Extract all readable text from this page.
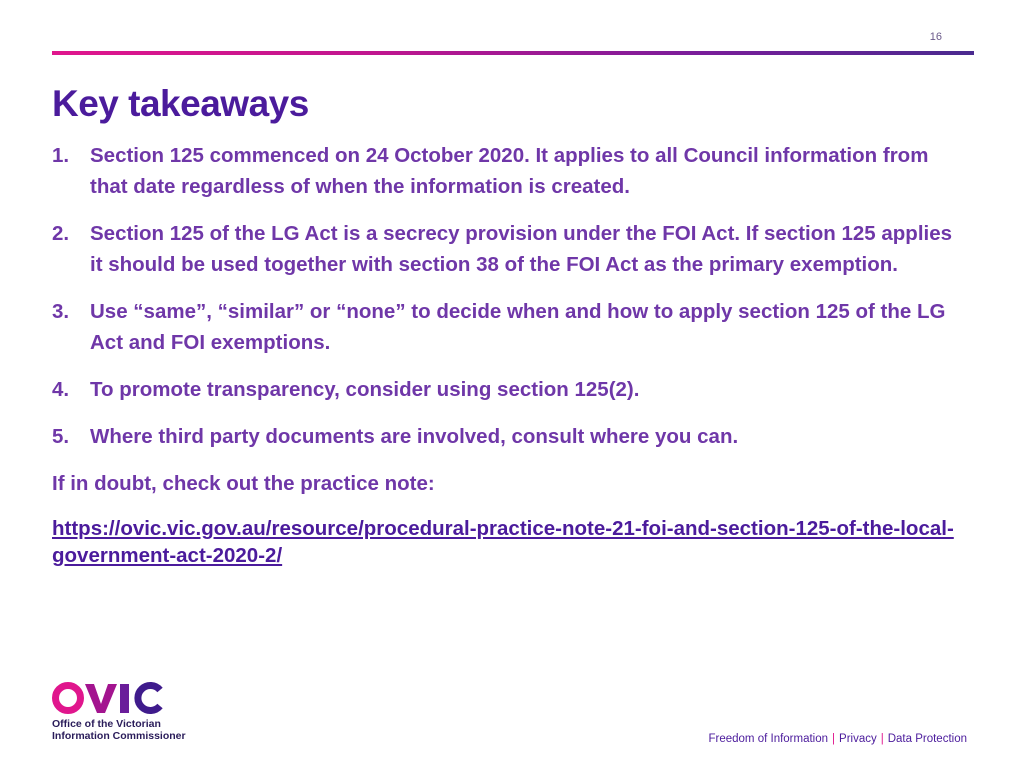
16
Key takeaways
1. Section 125 commenced on 24 October 2020. It applies to all Council information from that date regardless of when the information is created.
2. Section 125 of the LG Act is a secrecy provision under the FOI Act. If section 125 applies it should be used together with section 38 of the FOI Act as the primary exemption.
3. Use “same”, “similar” or “none” to decide when and how to apply section 125 of the LG Act and FOI exemptions.
4. To promote transparency, consider using section 125(2).
5. Where third party documents are involved, consult where you can.

If in doubt, check out the practice note:

https://ovic.vic.gov.au/resource/procedural-practice-note-21-foi-and-section-125-of-the-local-government-act-2020-2/
Office of the Victorian
Information Commissioner	Freedom of Information | Privacy | Data Protection
